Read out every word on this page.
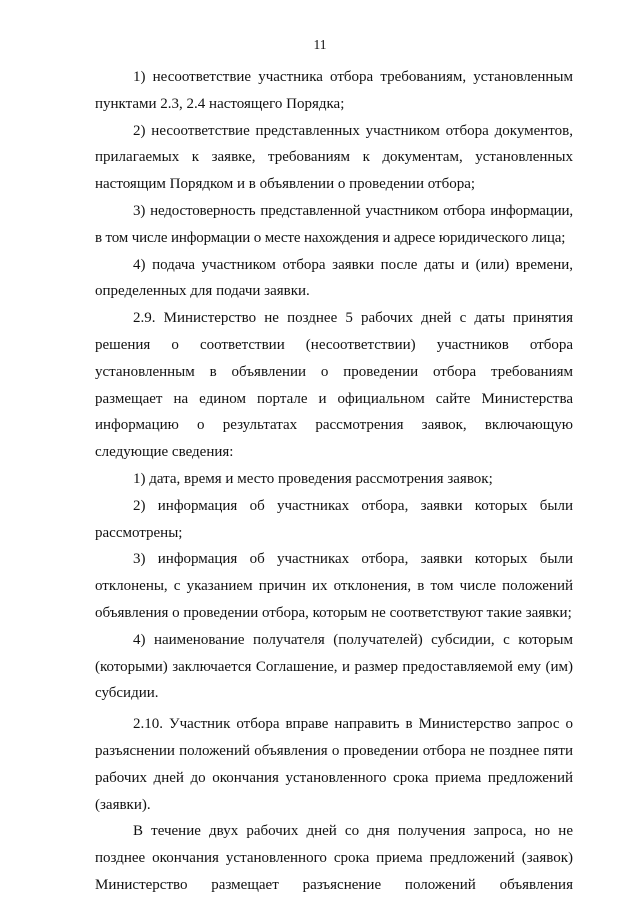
11

1) несоответствие участника отбора требованиям, установленным пунктами 2.3, 2.4 настоящего Порядка;

2) несоответствие представленных участником отбора документов, прилагаемых к заявке, требованиям к документам, установленных настоящим Порядком и в объявлении о проведении отбора;

3) недостоверность представленной участником отбора информации, в том числе информации о месте нахождения и адресе юридического лица;

4) подача участником отбора заявки после даты и (или) времени, определенных для подачи заявки.

2.9. Министерство не позднее 5 рабочих дней с даты принятия решения о соответствии (несоответствии) участников отбора установленным в объявлении о проведении отбора требованиям размещает на едином портале и официальном сайте Министерства информацию о результатах рассмотрения заявок, включающую следующие сведения:

1) дата, время и место проведения рассмотрения заявок;

2) информация об участниках отбора, заявки которых были рассмотрены;

3) информация об участниках отбора, заявки которых были отклонены, с указанием причин их отклонения, в том числе положений объявления о проведении отбора, которым не соответствуют такие заявки;

4) наименование получателя (получателей) субсидии, с которым (которыми) заключается Соглашение, и размер предоставляемой ему (им) субсидии.

2.10. Участник отбора вправе направить в Министерство запрос о разъяснении положений объявления о проведении отбора не позднее пяти рабочих дней до окончания установленного срока приема предложений (заявки).

В течение двух рабочих дней со дня получения запроса, но не позднее окончания установленного срока приема предложений (заявок) Министерство размещает разъяснение положений объявления
